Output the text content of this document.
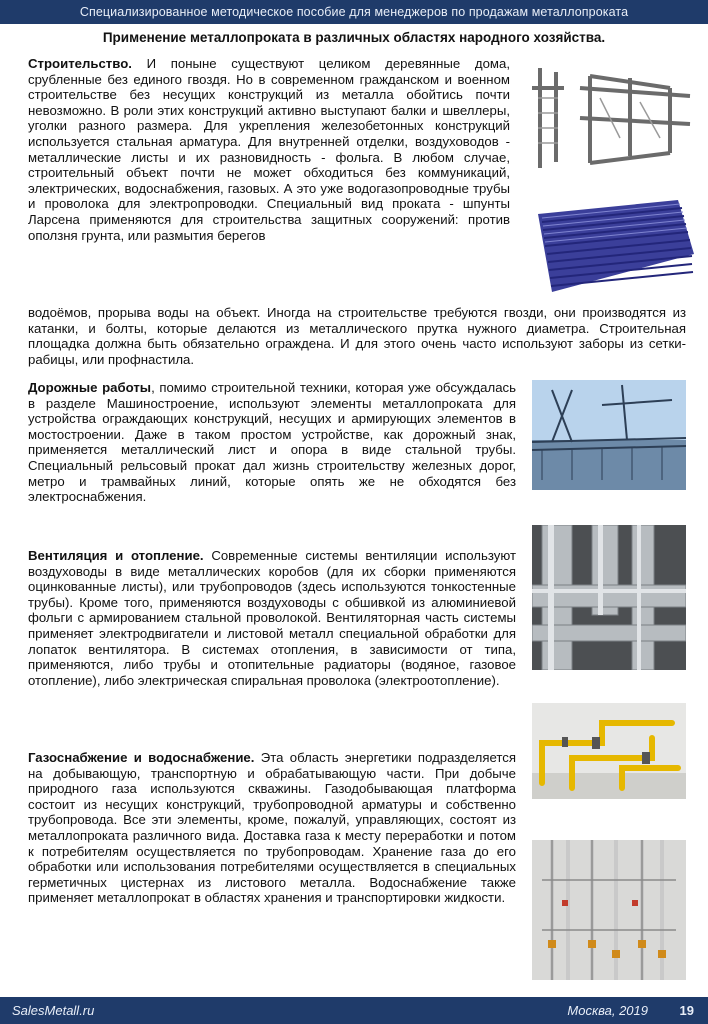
Специализированное методическое пособие для менеджеров по продажам металлопроката
Применение металлопроката в различных областях народного хозяйства.
Строительство. И поныне существуют целиком деревянные дома, срубленные без единого гвоздя. Но в современном гражданском и военном строительстве без несущих конструкций из металла обойтись почти невозможно. В роли этих конструкций активно выступают балки и швеллеры, уголки разного размера. Для укрепления железобетонных конструкций используется стальная арматура. Для внутренней отделки, воздуховодов - металлические листы и их разновидность - фольга. В любом случае, строительный объект почти не может обходиться без коммуникаций, электрических, водоснабжения, газовых. А это уже водогазопроводные трубы и проволока для электропроводки. Специальный вид проката - шпунты Ларсена применяются для строительства защитных сооружений: против оползня грунта, или размытия берегов
водоёмов, прорыва воды на объект. Иногда на строительстве требуются гвозди, они производятся из катанки, и болты, которые делаются из металлического прутка нужного диаметра. Строительная площадка должна быть обязательно ограждена. И для этого очень часто используют заборы из сетки-рабицы, или профнастила.
Дорожные работы, помимо строительной техники, которая уже обсуждалась в разделе Машиностроение, используют элементы металлопроката для устройства ограждающих конструкций, несущих и армирующих элементов в мостостроении. Даже в таком простом устройстве, как дорожный знак, применяется металлический лист и опора в виде стальной трубы. Специальный рельсовый прокат дал жизнь строительству железных дорог, метро и трамвайных линий, которые опять же не обходятся без электроснабжения.
Вентиляция и отопление. Современные системы вентиляции используют воздуховоды в виде металлических коробов (для их сборки применяются оцинкованные листы), или трубопроводов (здесь используются тонкостенные трубы). Кроме того, применяются воздуховоды с обшивкой из алюминиевой фольги с армированием стальной проволокой. Вентиляторная часть системы применяет электродвигатели и листовой металл специальной обработки для лопаток вентилятора. В системах отопления, в зависимости от типа, применяются, либо трубы и отопительные радиаторы (водяное, газовое отопление), либо электрическая спиральная проволока (электроотопление).
Газоснабжение и водоснабжение. Эта область энергетики подразделяется на добывающую, транспортную и обрабатывающую части. При добыче природного газа используются скважины. Газодобывающая платформа состоит из несущих конструкций, трубопроводной арматуры и собственно трубопровода. Все эти элементы, кроме, пожалуй, управляющих, состоят из металлопроката различного вида. Доставка газа к месту переработки и потом к потребителям осуществляется по трубопроводам. Хранение газа до его обработки или использования потребителями осуществляется в специальных герметичных цистернах из листового металла. Водоснабжение также применяет металлопрокат в областях хранения и транспортировки жидкости.
SalesMetall.ru	Москва, 2019 19
